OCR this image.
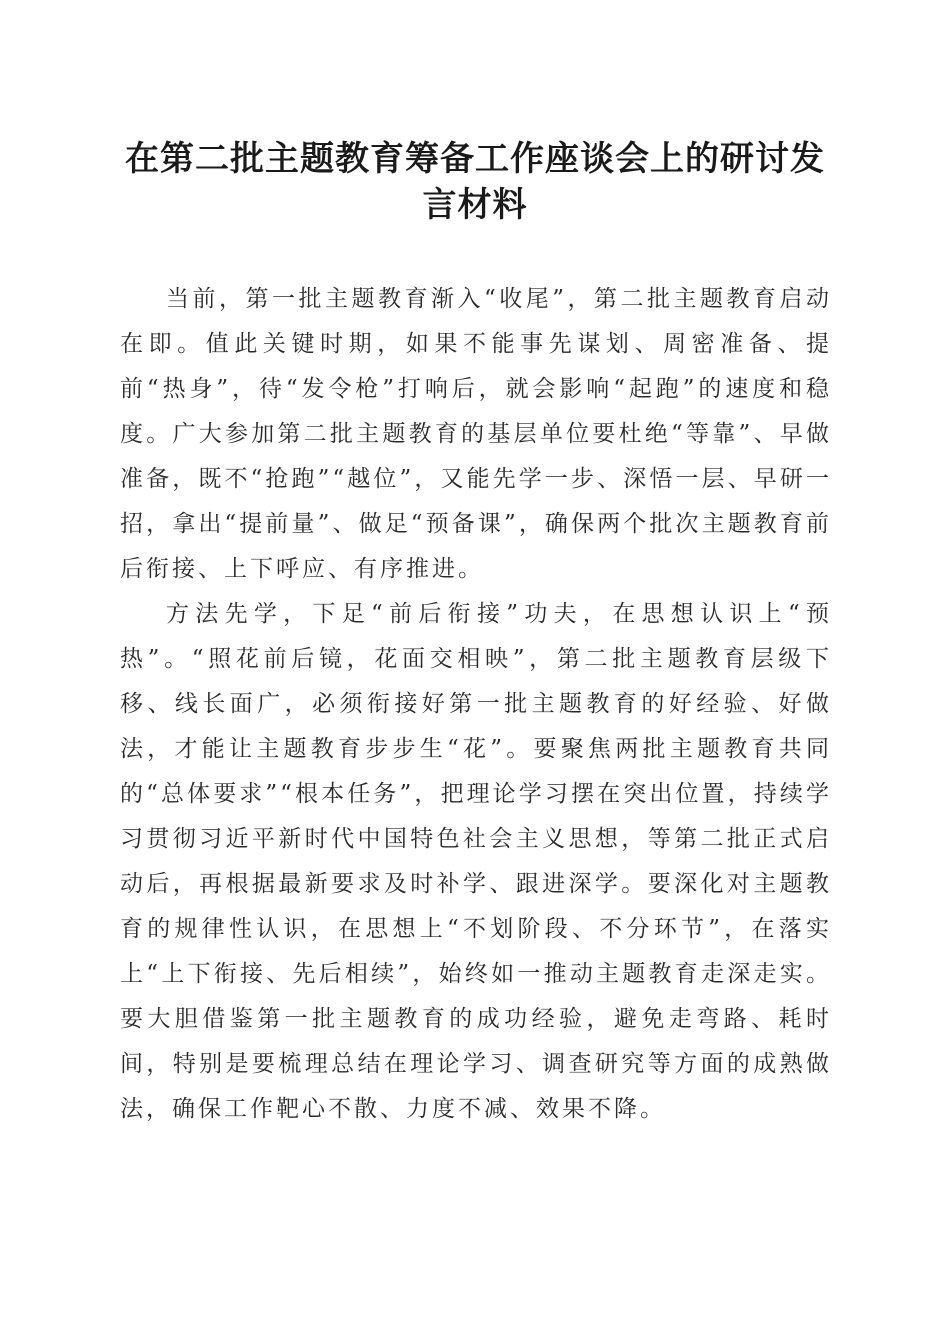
在第二批主题教育筹备工作座谈会上的研讨发言材料

当前，第一批主题教育渐入“收尾”，第二批主题教育启动在即。值此关键时期，如果不能事先谋划、周密准备、提前“热身”，待“发令枪”打响后，就会影响“起跑”的速度和稳度。广大参加第二批主题教育的基层单位要杜绝“等靠”、早做准备，既不“抢跑”“越位”，又能先学一步、深悟一层、早研一招，拿出“提前量”、做足“预备课”，确保两个批次主题教育前后衔接、上下呼应、有序推进。

方法先学，下足“前后衔接”功夫，在思想认识上“预热”。“照花前后镜，花面交相映”，第二批主题教育层级下移、线长面广，必须衔接好第一批主题教育的好经验、好做法，才能让主题教育步步生“花”。要聚焦两批主题教育共同的“总体要求”“根本任务”，把理论学习摆在突出位置，持续学习贯彻习近平新时代中国特色社会主义思想，等第二批正式启动后，再根据最新要求及时补学、跟进深学。要深化对主题教育的规律性认识，在思想上“不划阶段、不分环节”，在落实上“上下衔接、先后相续”，始终如一推动主题教育走深走实。要大胆借鉴第一批主题教育的成功经验，避免走弯路、耗时间，特别是要梳理总结在理论学习、调查研究等方面的成熟做法，确保工作靶心不散、力度不减、效果不降。
